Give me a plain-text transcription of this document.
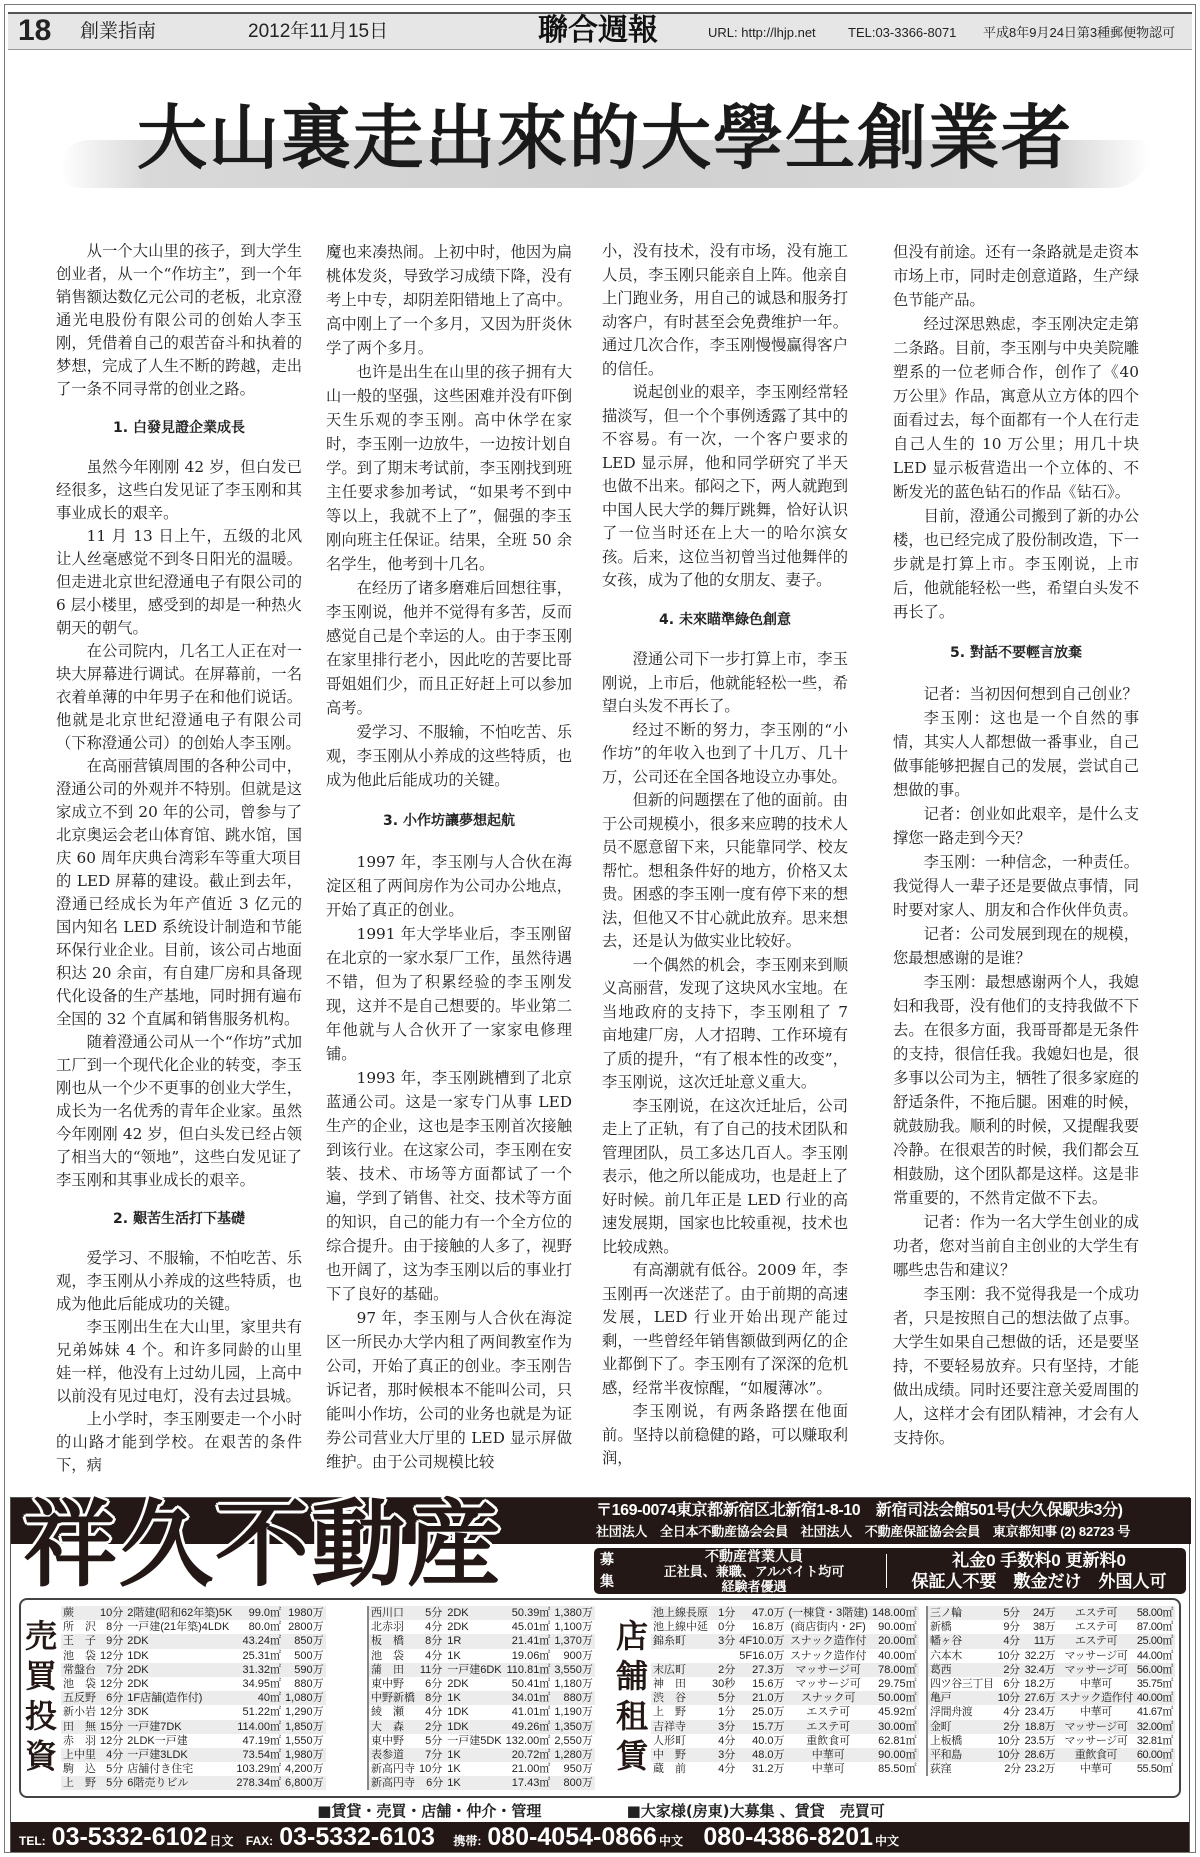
18 創業指南	2012年11月15日	聯合週報	URL: http://lhjp.net TEL:03-3366-8071 平成8年9月24日第3種郵便物認可
大山裏走出來的大學生創業者

从一个大山里的孩子，到大学生创业者，从一个“作坊主”，到一个年销售额达数亿元公司的老板，北京澄通光电股份有限公司的创始人李玉刚，凭借着自己的艰苦奋斗和执着的梦想，完成了人生不断的跨越，走出了一条不同寻常的创业之路。

1. 白發見證企業成長

虽然今年刚刚 42 岁，但白发已经很多，这些白发见证了李玉刚和其事业成长的艰辛。

11 月 13 日上午，五级的北风让人丝毫感觉不到冬日阳光的温暖。但走进北京世纪澄通电子有限公司的 6 层小楼里，感受到的却是一种热火朝天的朝气。

在公司院内，几名工人正在对一块大屏幕进行调试。在屏幕前，一名衣着单薄的中年男子在和他们说话。他就是北京世纪澄通电子有限公司（下称澄通公司）的创始人李玉刚。

在高丽营镇周围的各种公司中，澄通公司的外观并不特别。但就是这家成立不到 20 年的公司，曾参与了北京奥运会老山体育馆、跳水馆，国庆 60 周年庆典台湾彩车等重大项目的 LED 屏幕的建设。截止到去年，澄通已经成长为年产值近 3 亿元的国内知名 LED 系统设计制造和节能环保行业企业。目前，该公司占地面积达 20 余亩，有自建厂房和具备现代化设备的生产基地，同时拥有遍布全国的 32 个直属和销售服务机构。

随着澄通公司从一个“作坊”式加工厂到一个现代化企业的转变，李玉刚也从一个少不更事的创业大学生，成长为一名优秀的青年企业家。虽然今年刚刚 42 岁，但白头发已经占领了相当大的“领地”，这些白发见证了李玉刚和其事业成长的艰辛。

2. 艱苦生活打下基礎

爱学习、不服输，不怕吃苦、乐观，李玉刚从小养成的这些特质，也成为他此后能成功的关键。

李玉刚出生在大山里，家里共有兄弟姊妹 4 个。和许多同龄的山里娃一样，他没有上过幼儿园，上高中以前没有见过电灯，没有去过县城。

上小学时，李玉刚要走一个小时的山路才能到学校。在艰苦的条件下，病

魔也来凑热闹。上初中时，他因为扁桃体发炎，导致学习成绩下降，没有考上中专，却阴差阳错地上了高中。高中刚上了一个多月，又因为肝炎休学了两个多月。

也许是出生在山里的孩子拥有大山一般的坚强，这些困难并没有吓倒天生乐观的李玉刚。高中休学在家时，李玉刚一边放牛，一边按计划自学。到了期末考试前，李玉刚找到班主任要求参加考试，“如果考不到中等以上，我就不上了”，倔强的李玉刚向班主任保证。结果，全班 50 余名学生，他考到十几名。

在经历了诸多磨难后回想往事，李玉刚说，他并不觉得有多苦，反而感觉自己是个幸运的人。由于李玉刚在家里排行老小，因此吃的苦要比哥哥姐姐们少，而且正好赶上可以参加高考。

爱学习、不服输，不怕吃苦、乐观，李玉刚从小养成的这些特质，也成为他此后能成功的关键。

3. 小作坊讓夢想起航

1997 年，李玉刚与人合伙在海淀区租了两间房作为公司办公地点，开始了真正的创业。

1991 年大学毕业后，李玉刚留在北京的一家水泵厂工作，虽然待遇不错，但为了积累经验的李玉刚发现，这并不是自己想要的。毕业第二年他就与人合伙开了一家家电修理铺。

1993 年，李玉刚跳槽到了北京蓝通公司。这是一家专门从事 LED 生产的企业，这也是李玉刚首次接触到该行业。在这家公司，李玉刚在安装、技术、市场等方面都试了一个遍，学到了销售、社交、技术等方面的知识，自己的能力有一个全方位的综合提升。由于接触的人多了，视野也开阔了，这为李玉刚以后的事业打下了良好的基础。

97 年，李玉刚与人合伙在海淀区一所民办大学内租了两间教室作为公司，开始了真正的创业。李玉刚告诉记者，那时候根本不能叫公司，只能叫小作坊，公司的业务也就是为证券公司营业大厅里的 LED 显示屏做维护。由于公司规模比较

小，没有技术，没有市场，没有施工人员，李玉刚只能亲自上阵。他亲自上门跑业务，用自己的诚恳和服务打动客户，有时甚至会免费维护一年。通过几次合作，李玉刚慢慢赢得客户的信任。

说起创业的艰辛，李玉刚经常轻描淡写，但一个个事例透露了其中的不容易。有一次，一个客户要求的 LED 显示屏，他和同学研究了半天也做不出来。郁闷之下，两人就跑到中国人民大学的舞厅跳舞，恰好认识了一位当时还在上大一的哈尔滨女孩。后来，这位当初曾当过他舞伴的女孩，成为了他的女朋友、妻子。

4. 未來瞄準綠色創意

澄通公司下一步打算上市，李玉刚说，上市后，他就能轻松一些，希望白头发不再长了。

经过不断的努力，李玉刚的“小作坊”的年收入也到了十几万、几十万，公司还在全国各地设立办事处。

但新的问题摆在了他的面前。由于公司规模小，很多来应聘的技术人员不愿意留下来，只能靠同学、校友帮忙。想租条件好的地方，价格又太贵。困惑的李玉刚一度有停下来的想法，但他又不甘心就此放弃。思来想去，还是认为做实业比较好。

一个偶然的机会，李玉刚来到顺义高丽营，发现了这块风水宝地。在当地政府的支持下，李玉刚租了 7 亩地建厂房，人才招聘、工作环境有了质的提升，“有了根本性的改变”，李玉刚说，这次迁址意义重大。

李玉刚说，在这次迁址后，公司走上了正轨，有了自己的技术团队和管理团队，员工多达几百人。李玉刚表示，他之所以能成功，也是赶上了好时候。前几年正是 LED 行业的高速发展期，国家也比较重视，技术也比较成熟。

有高潮就有低谷。2009 年，李玉刚再一次迷茫了。由于前期的高速发展，LED 行业开始出现产能过剩，一些曾经年销售额做到两亿的企业都倒下了。李玉刚有了深深的危机感，经常半夜惊醒，“如履薄冰”。

李玉刚说，有两条路摆在他面前。坚持以前稳健的路，可以赚取利润，

但没有前途。还有一条路就是走资本市场上市，同时走创意道路，生产绿色节能产品。

经过深思熟虑，李玉刚决定走第二条路。目前，李玉刚与中央美院雕塑系的一位老师合作，创作了《40 万公里》作品，寓意从立方体的四个面看过去，每个面都有一个人在行走自己人生的 10 万公里；用几十块 LED 显示板营造出一个立体的、不断发光的蓝色钻石的作品《钻石》。

目前，澄通公司搬到了新的办公楼，也已经完成了股份制改造，下一步就是打算上市。李玉刚说，上市后，他就能轻松一些，希望白头发不再长了。

5. 對話不要輕言放棄

记者：当初因何想到自己创业？

李玉刚：这也是一个自然的事情，其实人人都想做一番事业，自己做事能够把握自己的发展，尝试自己想做的事。

记者：创业如此艰辛，是什么支撑您一路走到今天？

李玉刚：一种信念，一种责任。我觉得人一辈子还是要做点事情，同时要对家人、朋友和合作伙伴负责。

记者：公司发展到现在的规模，您最想感谢的是谁？

李玉刚：最想感谢两个人，我媳妇和我哥，没有他们的支持我做不下去。在很多方面，我哥哥都是无条件的支持，很信任我。我媳妇也是，很多事以公司为主，牺牲了很多家庭的舒适条件，不拖后腿。困难的时候，就鼓励我。顺利的时候，又提醒我要冷静。在很艰苦的时候，我们都会互相鼓励，这个团队都是这样。这是非常重要的，不然肯定做不下去。

记者：作为一名大学生创业的成功者，您对当前自主创业的大学生有哪些忠告和建议？

李玉刚：我不觉得我是一个成功者，只是按照自己的想法做了点事。大学生如果自己想做的话，还是要坚持，不要轻易放弃。只有坚持，才能做出成绩。同时还要注意关爱周围的人，这样才会有团队精神，才会有人支持你。

祥久不動産	〒169-0074東京都新宿区北新宿1-8-10　新宿司法会館501号(大久保駅歩3分)
社団法人　全日本不動産協会会員　社団法人　不動産保証協会会員　東京都知事 (2) 82723 号
募集
不動産営業人員
正社員、兼職、アルバイト均可
経験者優遇
礼金0 手数料0 更新料0
保証人不要　敷金だけ　外国人可
売買投資
蕨	10分	2階建(昭和62年築)5K	99.0㎡	1980万
所　沢	8分	一戸建(21年築)4LDK	80.0㎡	2800万
王　子	9分	2DK	43.24㎡	850万
池　袋	12分	1DK	25.31㎡	500万
常盤台	7分	2DK	31.32㎡	590万
池　袋	12分	2DK	34.95㎡	880万
五反野	6分	1F店舗(造作付)	40㎡	1,080万
新小岩	12分	3DK	51.22㎡	1,290万
田　無	15分	一戸建7DK	114.00㎡	1,850万
赤　羽	12分	2LDK一戸建	47.19㎡	1,550万
上中里	4分	一戸建3LDK	73.54㎡	1,980万
駒　込	5分	店舗付き住宅	103.29㎡	4,200万
上　野	5分	6階売りビル	278.34㎡	6,800万
西川口	5分	2DK	50.39㎡	1,380万
北赤羽	4分	2DK	45.01㎡	1,100万
板　橋	8分	1R	21.41㎡	1,370万
池　袋	4分	1K	19.06㎡	900万
蒲　田	11分	一戸建6DK	110.81㎡	3,550万
東中野	6分	2DK	50.41㎡	1,180万
中野新橋	8分	1K	34.01㎡	880万
綾　瀬	4分	1DK	41.01㎡	1,190万
大　森	2分	1DK	49.26㎡	1,350万
東中野	5分	一戸建5DK	132.00㎡	2,550万
表参道	7分	1K	20.72㎡	1,280万
新高円寺	10分	1K	21.00㎡	950万
新高円寺	6分	1K	17.43㎡	800万
店舗租賃
池上線長原	1分	47.0万	(一棟貸・3階建)	148.00㎡
池上線中延	0分	16.8万	(商店街内・2F)	90.00㎡
錦糸町	3分	4F10.0万	スナック造作付	20.00㎡
		5F16.0万	スナック造作付	40.00㎡
末広町	2分	27.3万	マッサージ可	78.00㎡
神　田	30秒	15.6万	マッサージ可	29.75㎡
渋　谷	5分	21.0万	スナック可	50.00㎡
上　野	1分	25.0万	エステ可	45.92㎡
吉祥寺	3分	15.7万	エステ可	30.00㎡
人形町	4分	40.0万	重飲食可	62.81㎡
中　野	3分	48.0万	中華可	90.00㎡
蔵　前	4分	31.2万	中華可	85.50㎡
三ノ輪	5分	24万	エステ可	58.00㎡
新橋	9分	38万	エステ可	87.00㎡
幡ヶ谷	4分	11万	エステ可	25.00㎡
六本木	10分	32.2万	マッサージ可	44.00㎡
葛西	2分	32.4万	マッサージ可	56.00㎡
四ツ谷三丁目	6分	18.2万	中華可	35.75㎡
亀戸	10分	27.6万	スナック造作付	40.00㎡
浮間舟渡	4分	23.4万	中華可	41.67㎡
金町	2分	18.8万	マッサージ可	32.00㎡
上板橋	10分	23.5万	マッサージ可	32.81㎡
平和島	10分	28.6万	重飲食可	60.00㎡
荻窪	2分	23.2万	中華可	55.50㎡
■賃貸・売買・店舗・仲介・管理	■大家様(房東)大募集 、賃貸　売買可
TEL: 03-5332-6102 日文 FAX: 03-5332-6103 携帯: 080-4054-0866 中文 080-4386-8201 中文
